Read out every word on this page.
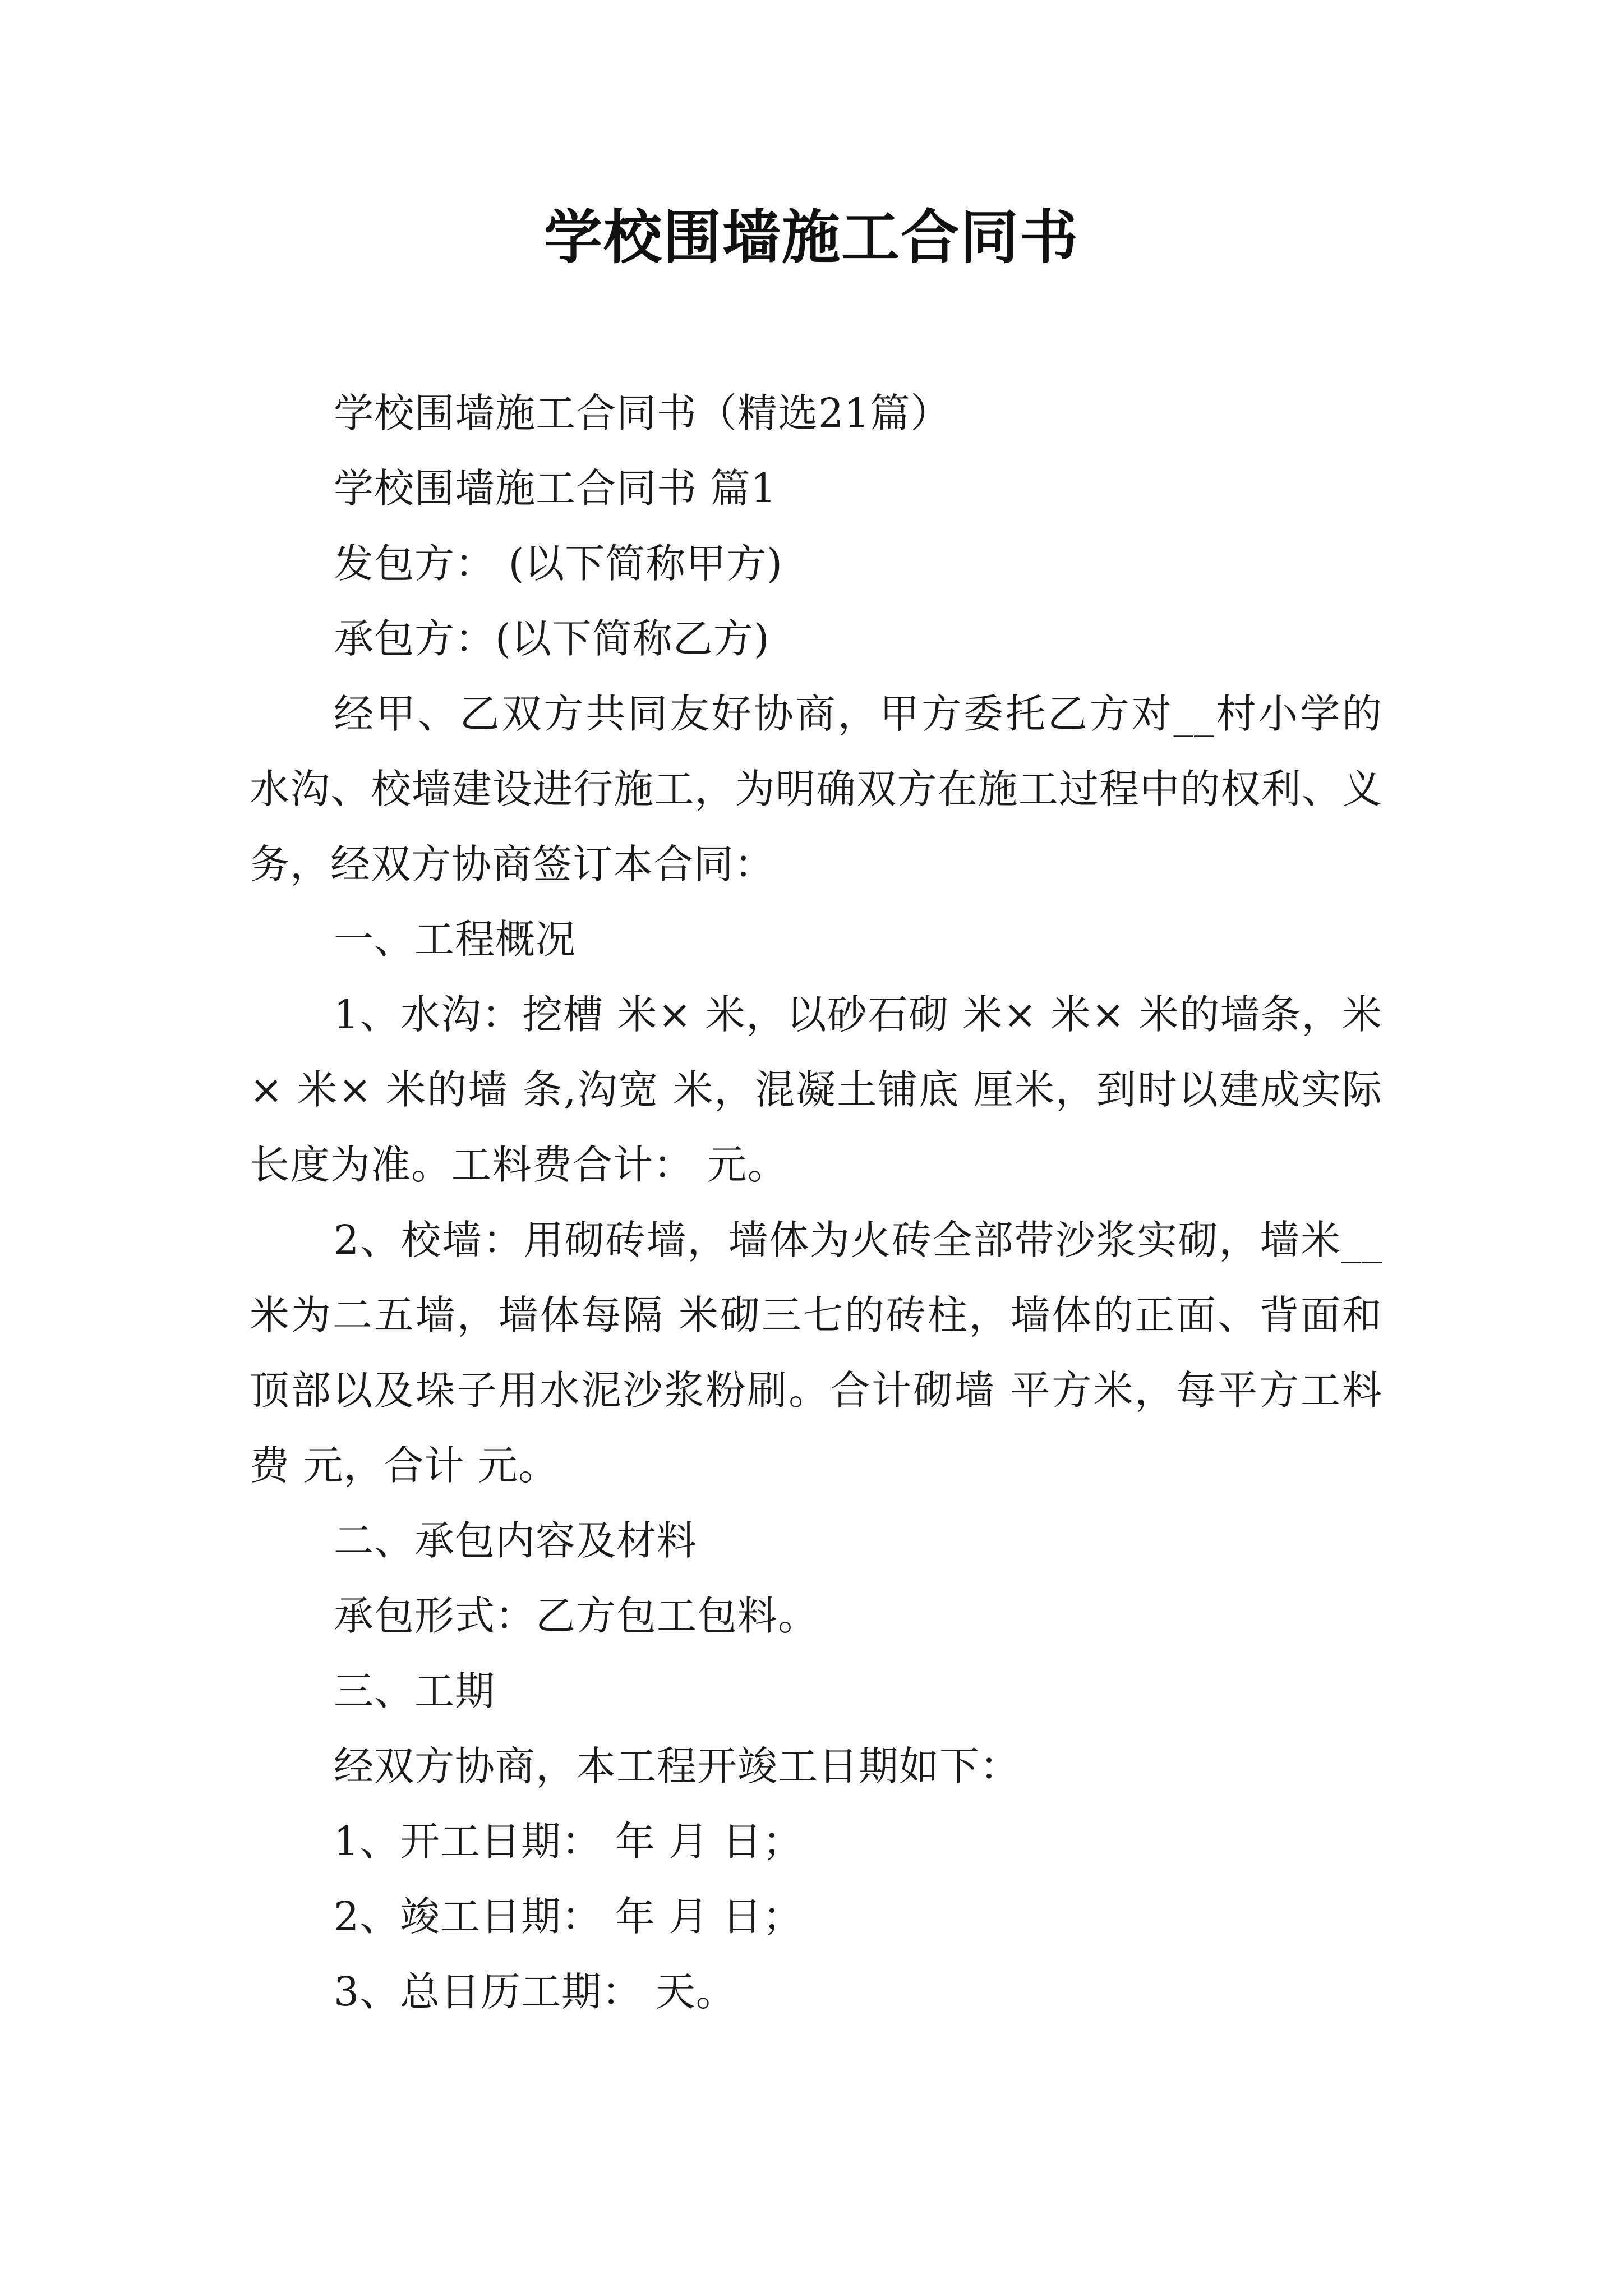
学校围墙施工合同书

学校围墙施工合同书（精选21篇）

学校围墙施工合同书 篇1

发包方： (以下简称甲方)

承包方：(以下简称乙方)

经甲、乙双方共同友好协商，甲方委托乙方对__村小学的水沟、校墙建设进行施工，为明确双方在施工过程中的权利、义务，经双方协商签订本合同：

一、工程概况

1、水沟：挖槽 米× 米，以砂石砌 米× 米× 米的墙条，米× 米× 米的墙 条,沟宽 米，混凝土铺底 厘米，到时以建成实际长度为准。工料费合计： 元。

2、校墙：用砌砖墙，墙体为火砖全部带沙浆实砌，墙米__米为二五墙，墙体每隔 米砌三七的砖柱，墙体的正面、背面和顶部以及垛子用水泥沙浆粉刷。合计砌墙 平方米，每平方工料费 元，合计 元。

二、承包内容及材料

承包形式：乙方包工包料。

三、工期

经双方协商，本工程开竣工日期如下：

1、开工日期： 年 月 日；

2、竣工日期： 年 月 日；

3、总日历工期： 天。
